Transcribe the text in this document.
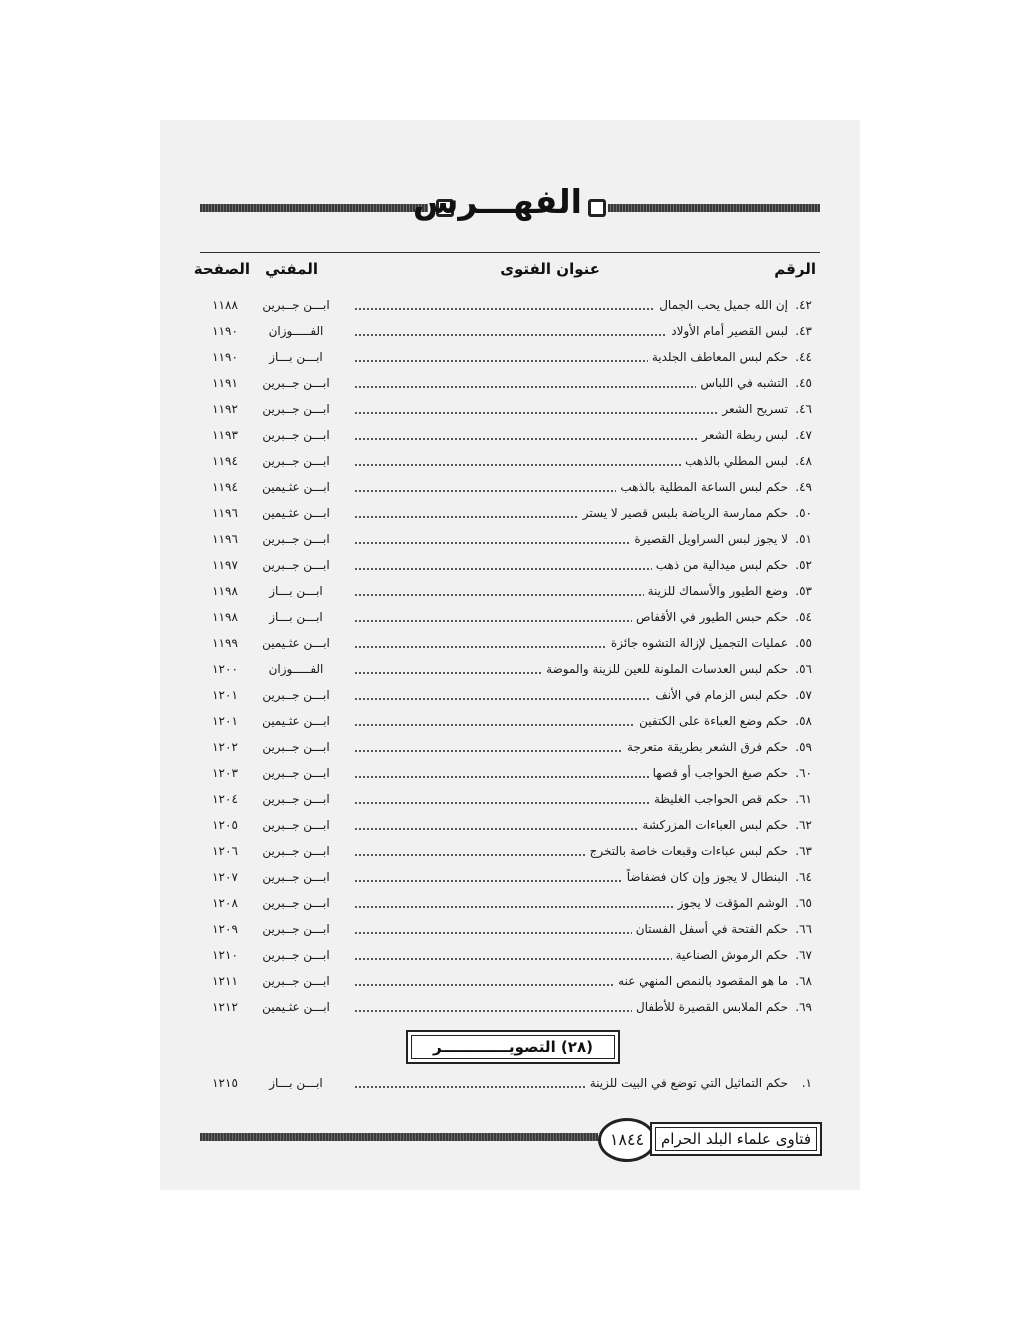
الفهـــرس
الرقم
عنوان الفتوى
المفتي
الصفحة
٤٢.
إن الله جميل يحب الجمال
ابـــن جــبرين
١١٨٨
٤٣.
لبس القصير أمام الأولاد
الفـــــوزان
١١٩٠
٤٤.
حكم لبس المعاطف الجلدية
ابـــن بـــاز
١١٩٠
٤٥.
التشبه في اللباس
ابـــن جــبرين
١١٩١
٤٦.
تسريح الشعر
ابـــن جــبرين
١١٩٢
٤٧.
لبس ربطة الشعر
ابـــن جــبرين
١١٩٣
٤٨.
لبس المطلي بالذهب
ابـــن جــبرين
١١٩٤
٤٩.
حكم لبس الساعة المطلية بالذهب
ابـــن عثـيمين
١١٩٤
٥٠.
حكم ممارسة الرياضة بلبس قصير لا يستر
ابـــن عثـيمين
١١٩٦
٥١.
لا يجوز لبس السراويل القصيرة
ابـــن جــبرين
١١٩٦
٥٢.
حكم لبس ميدالية من ذهب
ابـــن جــبرين
١١٩٧
٥٣.
وضع الطيور والأسماك للزينة
ابـــن بـــاز
١١٩٨
٥٤.
حكم حبس الطيور في الأقفاص
ابـــن بـــاز
١١٩٨
٥٥.
عمليات التجميل لإزالة التشوه جائزة
ابـــن عثـيمين
١١٩٩
٥٦.
حكم لبس العدسات الملونة للعين للزينة والموضة
الفـــــوزان
١٢٠٠
٥٧.
حكم لبس الزمام في الأنف
ابـــن جــبرين
١٢٠١
٥٨.
حكم وضع العباءة على الكتفين
ابـــن عثـيمين
١٢٠١
٥٩.
حكم فرق الشعر بطريقة متعرجة
ابـــن جــبرين
١٢٠٢
٦٠.
حكم صبغ الحواجب أو قصها
ابـــن جــبرين
١٢٠٣
٦١.
حكم قص الحواجب الغليظة
ابـــن جــبرين
١٢٠٤
٦٢.
حكم لبس العباءات المزركشة
ابـــن جــبرين
١٢٠٥
٦٣.
حكم لبس عباءات وقبعات خاصة بالتخرج
ابـــن جــبرين
١٢٠٦
٦٤.
البنطال لا يجوز وإن كان فضفاضاً
ابـــن جــبرين
١٢٠٧
٦٥.
الوشم المؤقت لا يجوز
ابـــن جــبرين
١٢٠٨
٦٦.
حكم الفتحة في أسفل الفستان
ابـــن جــبرين
١٢٠٩
٦٧.
حكم الرموش الصناعية
ابـــن جــبرين
١٢١٠
٦٨.
ما هو المقصود بالنمص المنهي عنه
ابـــن جــبرين
١٢١١
٦٩.
حكم الملابس القصيرة للأطفال
ابـــن عثـيمين
١٢١٢
(٢٨) التصويـــــــــــــر
١.
حكم التماثيل التي توضع في البيت للزينة
ابـــن بـــاز
١٢١٥
١٨٤٤	فتاوى علماء البلد الحرام
